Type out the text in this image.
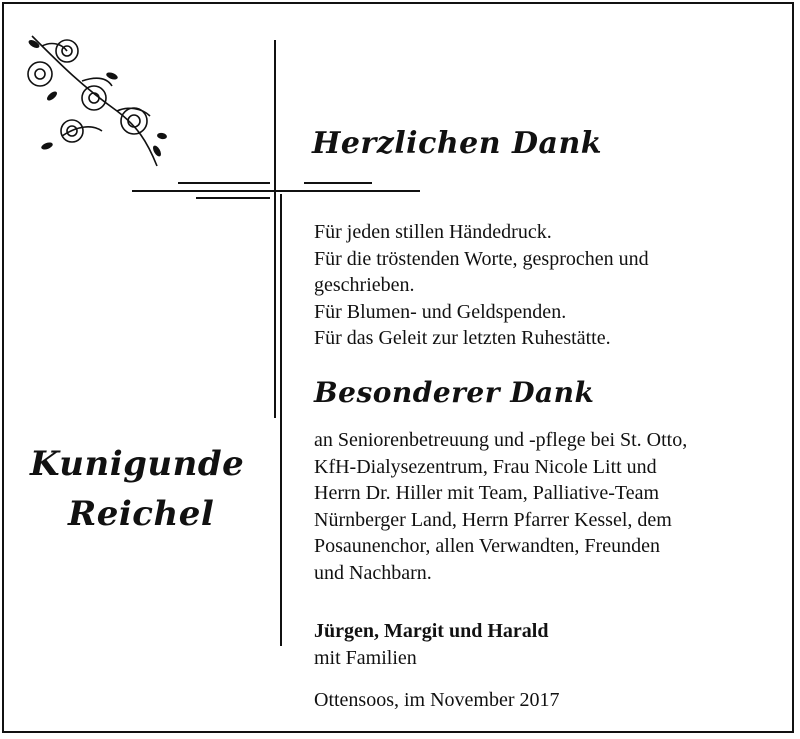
Kunigunde
Reichel
Herzlichen Dank
Besonderer Dank
Für jeden stillen Händedruck.
Für die tröstenden Worte, gesprochen und
geschrieben.
Für Blumen- und Geldspenden.
Für das Geleit zur letzten Ruhestätte.
an Seniorenbetreuung und -pflege bei St. Otto,
KfH-Dialysezentrum, Frau Nicole Litt und
Herrn Dr. Hiller mit Team, Palliative-Team
Nürnberger Land, Herrn Pfarrer Kessel, dem
Posaunenchor, allen Verwandten, Freunden
und Nachbarn.
Jürgen, Margit und Harald
mit Familien
Ottensoos, im November 2017
